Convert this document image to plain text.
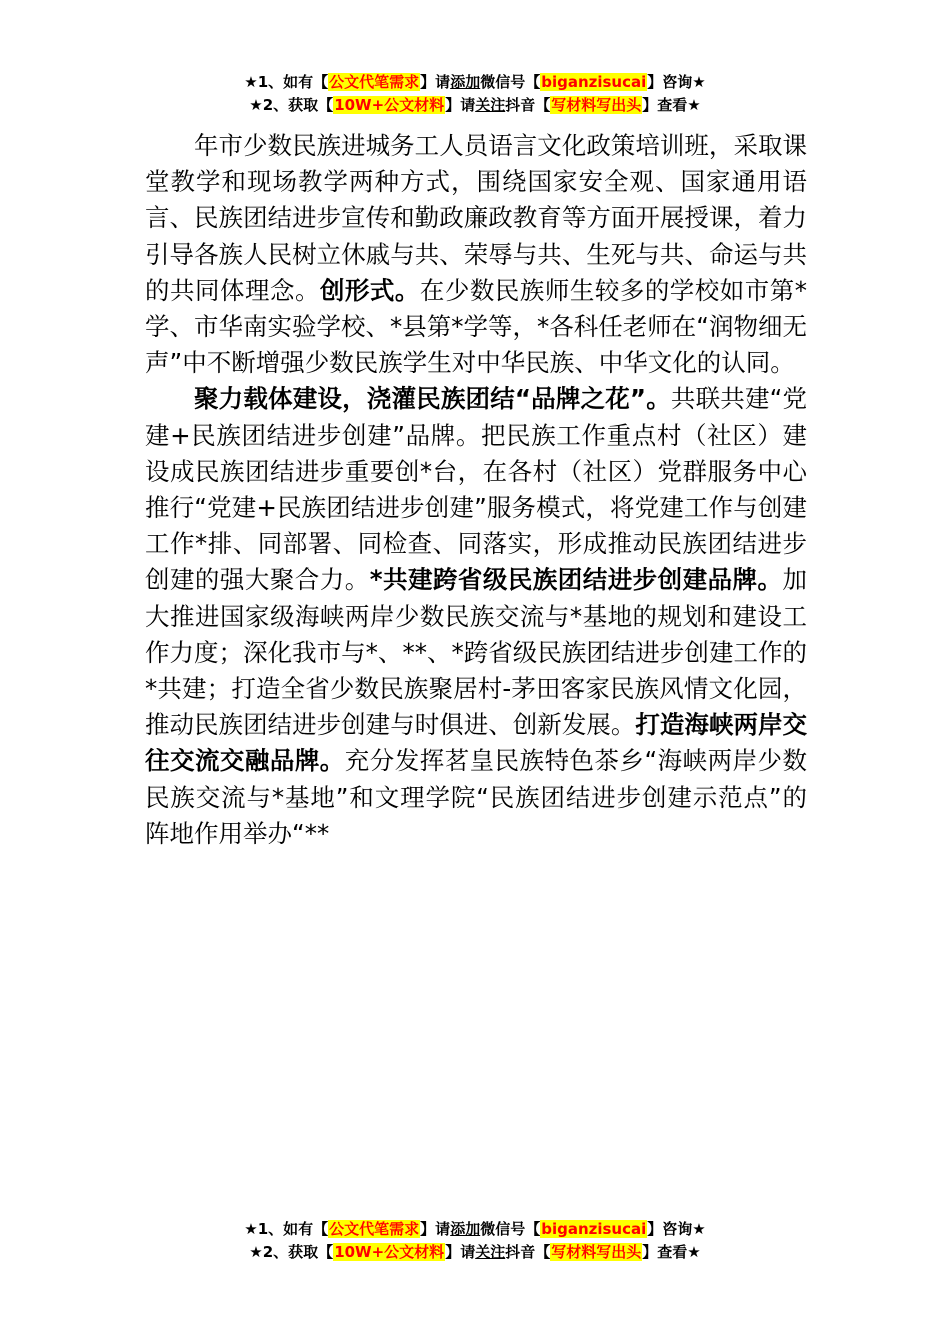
★1、如有【公文代笔需求】请添加微信号【biganzisucai】咨询★
★2、获取【10W+公文材料】请关注抖音【写材料写出头】查看★

年市少数民族进城务工人员语言文化政策培训班，采取课堂教学和现场教学两种方式，围绕国家安全观、国家通用语言、民族团结进步宣传和勤政廉政教育等方面开展授课，着力引导各族人民树立休戚与共、荣辱与共、生死与共、命运与共的共同体理念。创形式。在少数民族师生较多的学校如市第*学、市华南实验学校、*县第*学等，*各科任老师在“润物细无声”中不断增强少数民族学生对中华民族、中华文化的认同。

聚力载体建设，浇灌民族团结“品牌之花”。共联共建“党建+民族团结进步创建”品牌。把民族工作重点村（社区）建设成民族团结进步重要创*台，在各村（社区）党群服务中心推行“党建+民族团结进步创建”服务模式，将党建工作与创建工作*排、同部署、同检查、同落实，形成推动民族团结进步创建的强大聚合力。*共建跨省级民族团结进步创建品牌。加大推进国家级海峡两岸少数民族交流与*基地的规划和建设工作力度；深化我市与*、**、*跨省级民族团结进步创建工作的*共建；打造全省少数民族聚居村-茅田客家民族风情文化园，推动民族团结进步创建与时俱进、创新发展。打造海峡两岸交往交流交融品牌。充分发挥茗皇民族特色茶乡“海峡两岸少数民族交流与*基地”和文理学院“民族团结进步创建示范点”的阵地作用举办“**

★1、如有【公文代笔需求】请添加微信号【biganzisucai】咨询★
★2、获取【10W+公文材料】请关注抖音【写材料写出头】查看★
